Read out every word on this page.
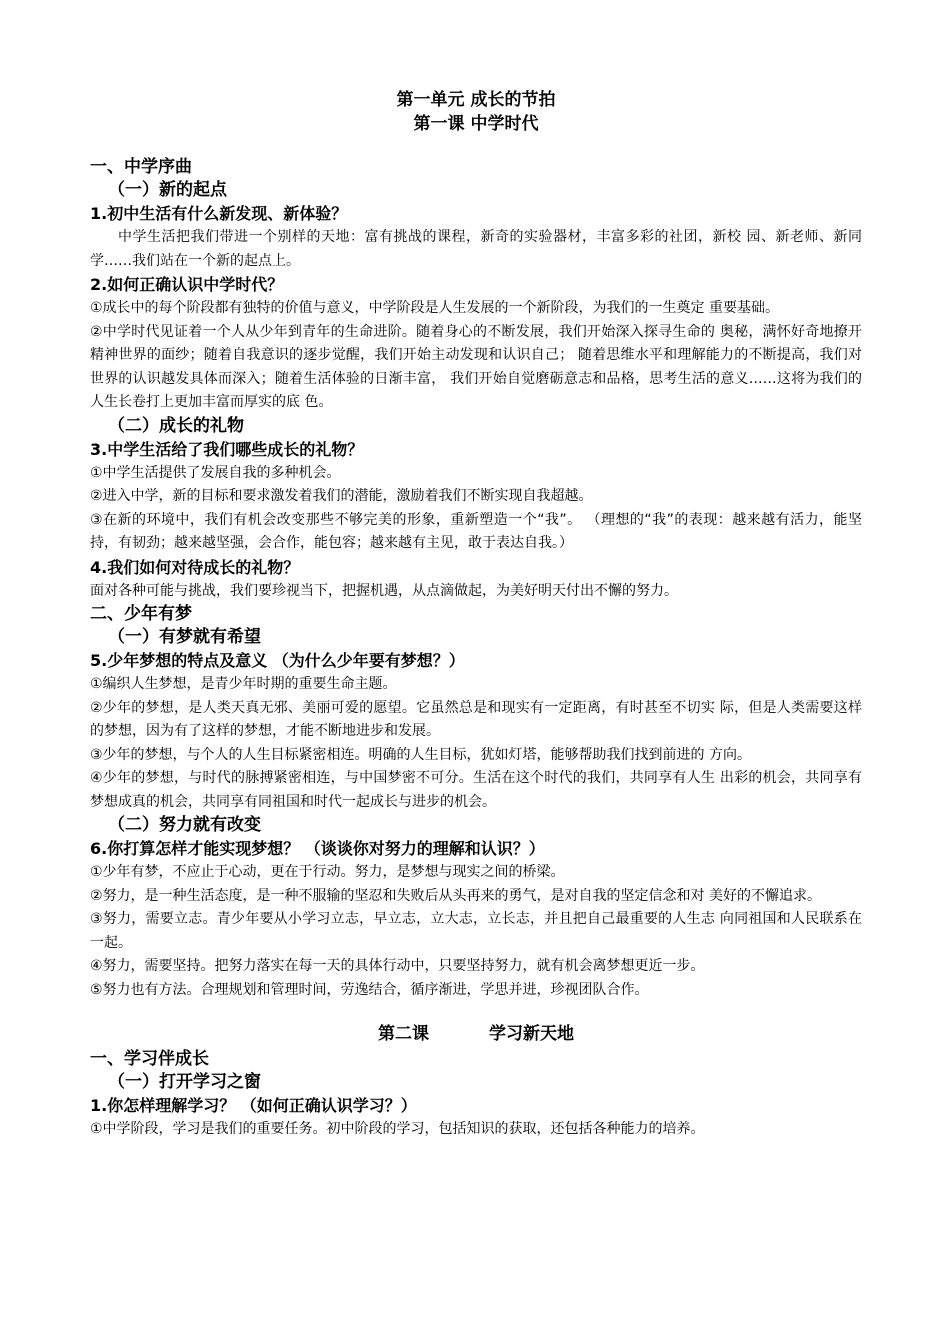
第一单元 成长的节拍

第一课 中学时代

一、中学序曲

（一）新的起点

1.初中生活有什么新发现、新体验？

中学生活把我们带进一个别样的天地：富有挑战的课程，新奇的实验器材，丰富多彩的社团，新校 园、新老师、新同学……我们站在一个新的起点上。

2.如何正确认识中学时代？

①成长中的每个阶段都有独特的价值与意义，中学阶段是人生发展的一个新阶段，为我们的一生奠定 重要基础。

②中学时代见证着一个人从少年到青年的生命进阶。随着身心的不断发展，我们开始深入探寻生命的 奥秘，满怀好奇地撩开精神世界的面纱；随着自我意识的逐步觉醒，我们开始主动发现和认识自己； 随着思维水平和理解能力的不断提高，我们对世界的认识越发具体而深入；随着生活体验的日渐丰富， 我们开始自觉磨砺意志和品格，思考生活的意义……这将为我们的人生长卷打上更加丰富而厚实的底 色。

（二）成长的礼物

3.中学生活给了我们哪些成长的礼物？

①中学生活提供了发展自我的多种机会。

②进入中学，新的目标和要求激发着我们的潜能，激励着我们不断实现自我超越。

③在新的环境中，我们有机会改变那些不够完美的形象，重新塑造一个“我”。 （理想的“我”的表现：越来越有活力，能坚持，有韧劲；越来越坚强，会合作，能包容；越来越有主见，敢于表达自我。）

4.我们如何对待成长的礼物？

面对各种可能与挑战，我们要珍视当下，把握机遇，从点滴做起，为美好明天付出不懈的努力。

二、少年有梦

（一）有梦就有希望

5.少年梦想的特点及意义 （为什么少年要有梦想？）

①编织人生梦想，是青少年时期的重要生命主题。

②少年的梦想，是人类天真无邪、美丽可爱的愿望。它虽然总是和现实有一定距离，有时甚至不切实 际，但是人类需要这样的梦想，因为有了这样的梦想，才能不断地进步和发展。

③少年的梦想，与个人的人生目标紧密相连。明确的人生目标，犹如灯塔，能够帮助我们找到前进的 方向。

④少年的梦想，与时代的脉搏紧密相连，与中国梦密不可分。生活在这个时代的我们，共同享有人生 出彩的机会，共同享有梦想成真的机会，共同享有同祖国和时代一起成长与进步的机会。

（二）努力就有改变

6.你打算怎样才能实现梦想？ （谈谈你对努力的理解和认识？）

①少年有梦，不应止于心动，更在于行动。努力，是梦想与现实之间的桥梁。

②努力，是一种生活态度，是一种不服输的坚忍和失败后从头再来的勇气，是对自我的坚定信念和对 美好的不懈追求。

③努力，需要立志。青少年要从小学习立志，早立志，立大志，立长志，并且把自己最重要的人生志 向同祖国和人民联系在一起。

④努力，需要坚持。把努力落实在每一天的具体行动中，只要坚持努力，就有机会离梦想更近一步。

⑤努力也有方法。合理规划和管理时间，劳逸结合，循序渐进，学思并进，珍视团队合作。

第二课	学习新天地

一、学习伴成长

（一）打开学习之窗

1.你怎样理解学习？ （如何正确认识学习？）

①中学阶段，学习是我们的重要任务。初中阶段的学习，包括知识的获取，还包括各种能力的培养。
